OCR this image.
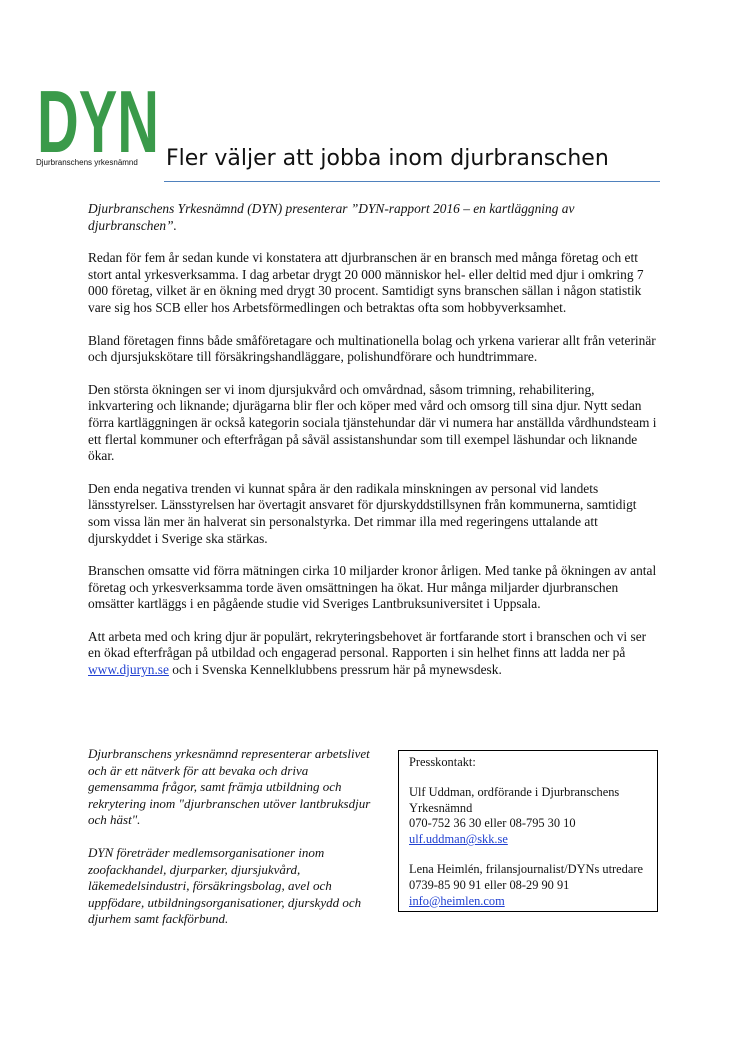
DYN
Djurbranschens yrkesnämnd	Fler väljer att jobba inom djurbranschen

Djurbranschens Yrkesnämnd (DYN) presenterar ”DYN-rapport 2016 – en kartläggning av djurbranschen”.

Redan för fem år sedan kunde vi konstatera att djurbranschen är en bransch med många företag och ett stort antal yrkesverksamma. I dag arbetar drygt 20 000 människor hel- eller deltid med djur i omkring 7 000 företag, vilket är en ökning med drygt 30 procent. Samtidigt syns branschen sällan i någon statistik vare sig hos SCB eller hos Arbetsförmedlingen och betraktas ofta som hobbyverksamhet.

Bland företagen finns både småföretagare och multinationella bolag och yrkena varierar allt från veterinär och djursjukskötare till försäkringshandläggare, polishundförare och hundtrimmare.

Den största ökningen ser vi inom djursjukvård och omvårdnad, såsom trimning, rehabilitering, inkvartering och liknande; djurägarna blir fler och köper med vård och omsorg till sina djur. Nytt sedan förra kartläggningen är också kategorin sociala tjänstehundar där vi numera har anställda vårdhundsteam i ett flertal kommuner och efterfrågan på såväl assistanshundar som till exempel läshundar och liknande ökar.

Den enda negativa trenden vi kunnat spåra är den radikala minskningen av personal vid landets länsstyrelser. Länsstyrelsen har övertagit ansvaret för djurskyddstillsynen från kommunerna, samtidigt som vissa län mer än halverat sin personalstyrka. Det rimmar illa med regeringens uttalande att djurskyddet i Sverige ska stärkas.

Branschen omsatte vid förra mätningen cirka 10 miljarder kronor årligen. Med tanke på ökningen av antal företag och yrkesverksamma torde även omsättningen ha ökat. Hur många miljarder djurbranschen omsätter kartläggs i en pågående studie vid Sveriges Lantbruksuniversitet i Uppsala.

Att arbeta med och kring djur är populärt, rekryteringsbehovet är fortfarande stort i branschen och vi ser en ökad efterfrågan på utbildad och engagerad personal. Rapporten i sin helhet finns att ladda ner på www.djuryn.se och i Svenska Kennelklubbens pressrum här på mynewsdesk.

Djurbranschens yrkesnämnd representerar arbetslivet och är ett nätverk för att bevaka och driva gemensamma frågor, samt främja utbildning och rekrytering inom "djurbranschen utöver lantbruksdjur och häst".

DYN företräder medlemsorganisationer inom zoofackhandel, djurparker, djursjukvård, läkemedelsindustri, försäkringsbolag, avel och uppfödare, utbildningsorganisationer, djurskydd och djurhem samt fackförbund.

Presskontakt:
Ulf Uddman, ordförande i Djurbranschens
Yrkesnämnd
070-752 36 30 eller 08-795 30 10
ulf.uddman@skk.se
Lena Heimlén, frilansjournalist/DYNs utredare
0739-85 90 91 eller 08-29 90 91
info@heimlen.com
